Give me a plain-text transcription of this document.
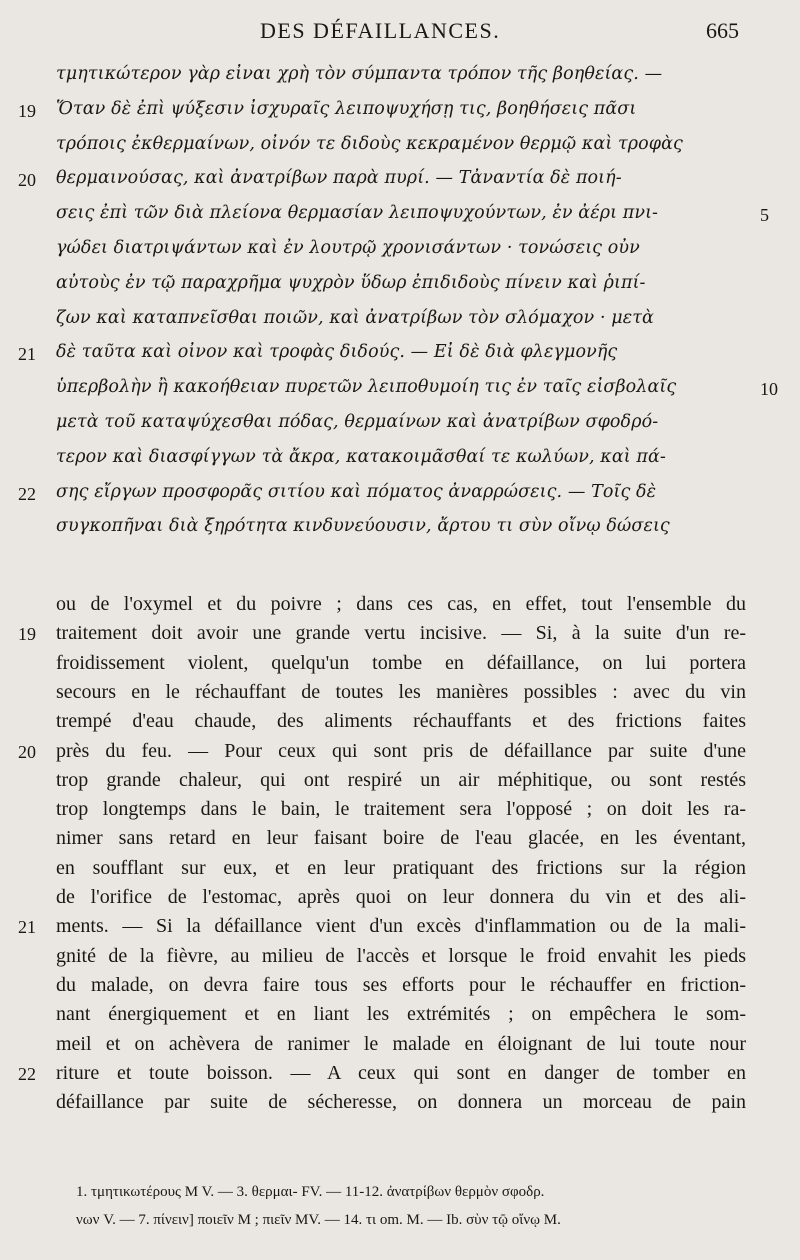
DES DÉFAILLANCES.	665
τμητικώτερον γὰρ εἶναι χρὴ τὸν σύμπαντα τρόπον τῆς βοηθείας. —
Ὅταν δὲ ἐπὶ ψύξεσιν ἰσχυραῖς λειποψυχήσῃ τις, βοηθήσεις πᾶσι
τρόποις ἐκθερμαίνων, οἶνόν τε διδοὺς κεκραμένον θερμῷ καὶ τροφὰς
θερμαινούσας, καὶ ἀνατρίβων παρὰ πυρί. — Τἀναντία δὲ ποιή-
σεις ἐπὶ τῶν διὰ πλείονα θερμασίαν λειποψυχούντων, ἐν ἀέρι πνι-
γώδει διατριψάντων καὶ ἐν λουτρῷ χρονισάντων · τονώσεις οὖν
αὐτοὺς ἐν τῷ παραχρῆμα ψυχρὸν ὕδωρ ἐπιδιδοὺς πίνειν καὶ ῥιπί-
ζων καὶ καταπνεῖσθαι ποιῶν, καὶ ἀνατρίβων τὸν σλόμαχον · μετὰ
δὲ ταῦτα καὶ οἶνον καὶ τροφὰς διδούς. — Εἰ δὲ διὰ φλεγμονῆς
ὑπερβολὴν ἢ κακοήθειαν πυρετῶν λειποθυμοίη τις ἐν ταῖς εἰσβολαῖς
μετὰ τοῦ καταψύχεσθαι πόδας, θερμαίνων καὶ ἀνατρίβων σφοδρό-
τερον καὶ διασφίγγων τὰ ἄκρα, κατακοιμᾶσθαί τε κωλύων, καὶ πά-
σης εἴργων προσφορᾶς σιτίου καὶ πόματος ἀναρρώσεις. — Τοῖς δὲ
συγκοπῆναι διὰ ξηρότητα κινδυνεύουσιν, ἄρτου τι σὺν οἴνῳ δώσεις
19
20
21
22
5
10
ou de l'oxymel et du poivre ; dans ces cas, en effet, tout l'ensemble du
traitement doit avoir une grande vertu incisive. — Si, à la suite d'un re-
froidissement violent, quelqu'un tombe en défaillance, on lui portera
secours en le réchauffant de toutes les manières possibles : avec du vin
trempé d'eau chaude, des aliments réchauffants et des frictions faites
près du feu. — Pour ceux qui sont pris de défaillance par suite d'une
trop grande chaleur, qui ont respiré un air méphitique, ou sont restés
trop longtemps dans le bain, le traitement sera l'opposé ; on doit les ra-
nimer sans retard en leur faisant boire de l'eau glacée, en les éventant,
en soufflant sur eux, et en leur pratiquant des frictions sur la région
de l'orifice de l'estomac, après quoi on leur donnera du vin et des ali-
ments. — Si la défaillance vient d'un excès d'inflammation ou de la mali-
gnité de la fièvre, au milieu de l'accès et lorsque le froid envahit les pieds
du malade, on devra faire tous ses efforts pour le réchauffer en friction-
nant énergiquement et en liant les extrémités ; on empêchera le som-
meil et on achèvera de ranimer le malade en éloignant de lui toute nour
riture et toute boisson. — A ceux qui sont en danger de tomber en
défaillance par suite de sécheresse, on donnera un morceau de pain
19
20
21
22
1. τμητικωτέρους M V. — 3. θερμαι- FV. — 11-12. ἀνατρίβων θερμὸν σφοδρ.
νων V. — 7. πίνειν] ποιεῖν M ; πιεῖν MV. — 14. τι om. M. — Ib. σὺν τῷ οἴνῳ M.
